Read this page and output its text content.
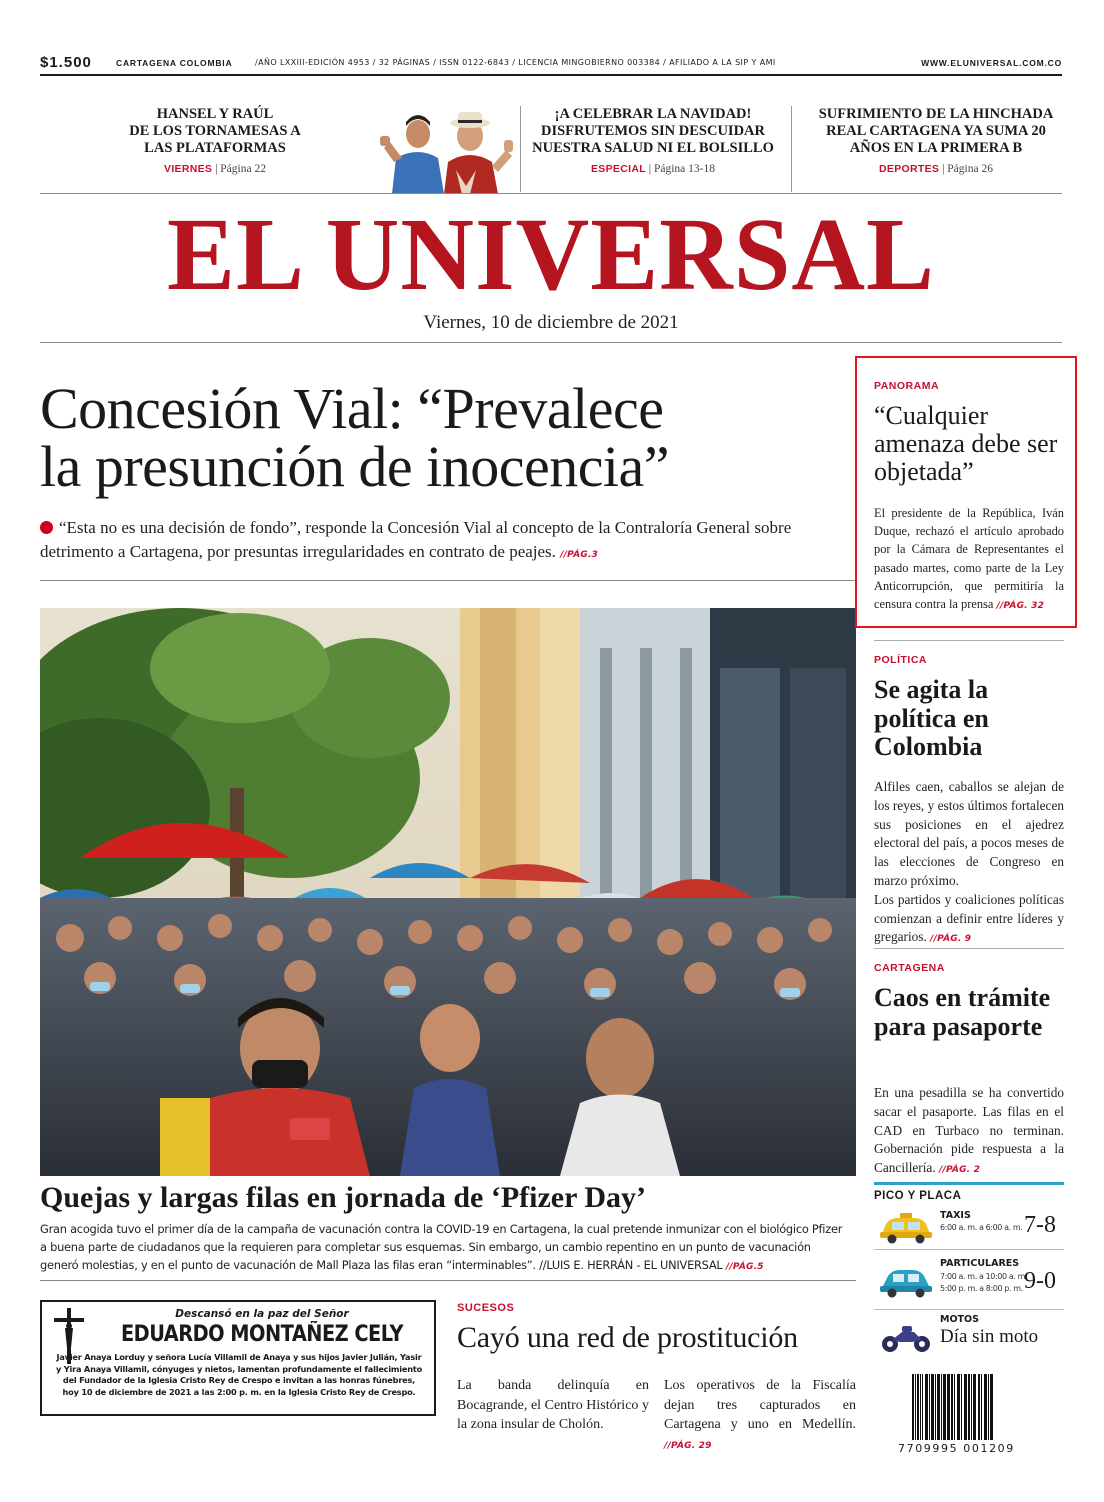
$1.500	CARTAGENA COLOMBIA	/AÑO LXXIII-EDICIÓN 4953 / 32 PÁGINAS / ISSN 0122-6843 / LICENCIA MINGOBIERNO 003384 / AFILIADO A LA SIP Y AMI	WWW.ELUNIVERSAL.COM.CO
HANSEL Y RAÚL
DE LOS TORNAMESAS A
LAS PLATAFORMAS
VIERNES | Página 22
¡A CELEBRAR LA NAVIDAD!
DISFRUTEMOS SIN DESCUIDAR
NUESTRA SALUD NI EL BOLSILLO
ESPECIAL | Página 13-18
SUFRIMIENTO DE LA HINCHADA
REAL CARTAGENA YA SUMA 20
AÑOS EN LA PRIMERA B
DEPORTES | Página 26
EL UNIVERSAL
Viernes, 10 de diciembre de 2021
Concesión Vial: “Prevalece
la presunción de inocencia”
“Esta no es una decisión de fondo”, responde la Concesión Vial al concepto de la Contraloría General sobre detrimento a Cartagena, por presuntas irregularidades en contrato de peajes. //PÁG.3
Quejas y largas filas en jornada de ‘Pfizer Day’
Gran acogida tuvo el primer día de la campaña de vacunación contra la COVID-19 en Cartagena, la cual pretende inmunizar con el biológico Pfizer a buena parte de ciudadanos que la requieren para completar sus esquemas. Sin embargo, un cambio repentino en un punto de vacunación generó molestias, y en el punto de vacunación de Mall Plaza las filas eran “interminables”. //LUIS E. HERRÁN - EL UNIVERSAL //PÁG.5
Descansó en la paz del Señor
EDUARDO MONTAÑEZ CELY
Javier Anaya Lorduy y señora Lucía Villamil de Anaya y sus hijos Javier Julián, Yasir y Yira Anaya Villamil, cónyuges y nietos, lamentan profundamente el fallecimiento del Fundador de la Iglesia Cristo Rey de Crespo e invitan a las honras fúnebres, hoy 10 de diciembre de 2021 a las 2:00 p. m. en la Iglesia Cristo Rey de Crespo.
SUCESOS
Cayó una red de prostitución
La banda delinquía en Bocagrande, el Centro Histórico y la zona insular de Cholón.
Los operativos de la Fiscalía dejan tres capturados en Cartagena y uno en Medellín. //PÁG. 29
PANORAMA
“Cualquier amenaza debe ser objetada”
El presidente de la República, Iván Duque, rechazó el artículo aprobado por la Cámara de Representantes el pasado martes, como parte de la Ley Anticorrupción, que permitiría la censura contra la prensa //PÁG. 32
POLÍTICA
Se agita la política en Colombia
Alfiles caen, caballos se alejan de los reyes, y estos últimos fortalecen sus posiciones en el ajedrez electoral del país, a pocos meses de las elecciones de Congreso en marzo próximo.
Los partidos y coaliciones políticas comienzan a definir entre líderes y gregarios. //PÁG. 9
CARTAGENA
Caos en trámite para pasaporte
En una pesadilla se ha convertido sacar el pasaporte. Las filas en el CAD en Turbaco no terminan. Gobernación pide respuesta a la Cancillería. //PÁG. 2
PICO Y PLACA
TAXIS
6:00 a. m. a 6:00 a. m. 7-8
PARTICULARES
7:00 a. m. a 10:00 a. m.
5:00 p. m. a 8:00 p. m. 9-0
MOTOS
Día sin moto
7709995 001209
